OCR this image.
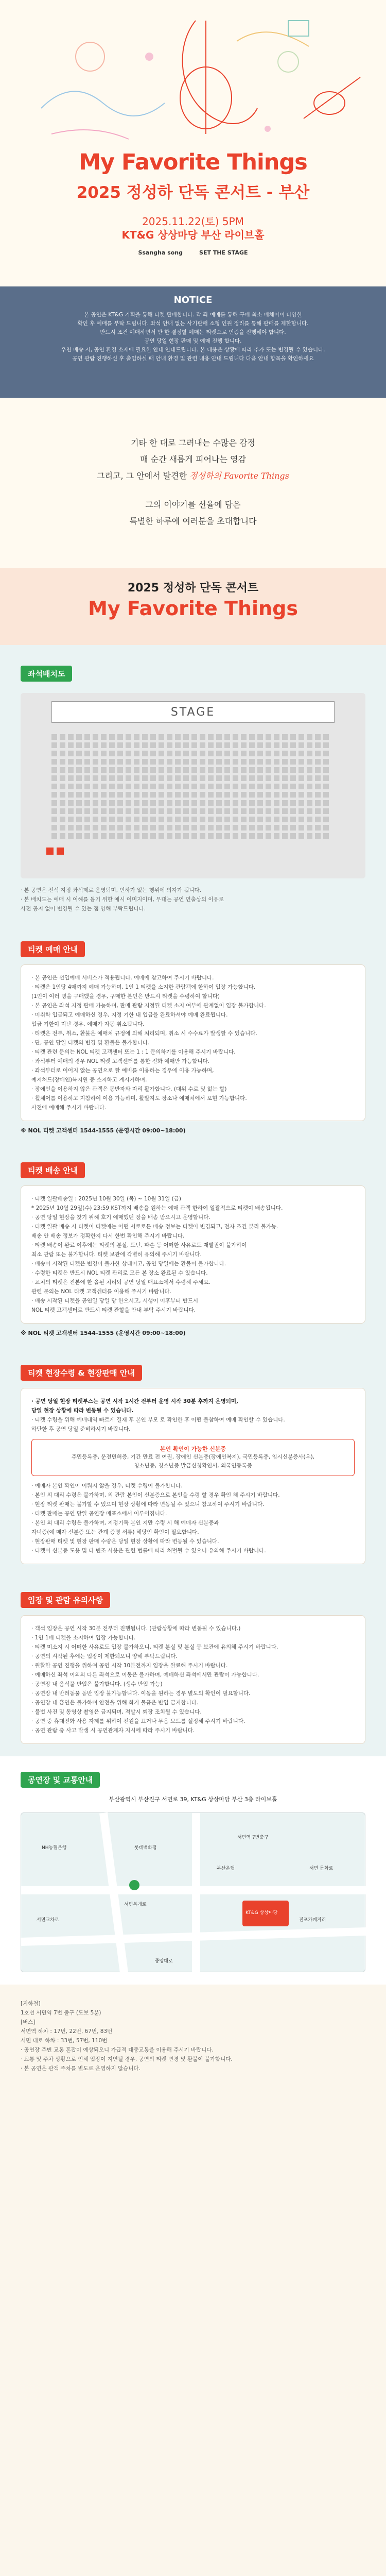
My Favorite Things
2025 정성하 단독 콘서트 - 부산
2025.11.22(토) 5PM
KT&G 상상마당 부산 라이브홀
Ssangha song	SET THE STAGE
NOTICE

본 공연은 KT&G 기획을 통해 티켓 판매합니다. 각 좌 예매를 통해 구매 최소 매체이이 다양한

확인 후 예매를 부탁 드립니다. 좌석 안내 없는 사기판매 소형 인원 정리를 통해 판매를 제한합니다.

반드시 조건 예매하면서 만 한 결정할 예매는 티켓으로 인증을 진행해야 합니다.

공연 당일 현장 판매 및 예매 진행 합니다.

우천 배송 시, 공연 환경 소재에 필요한 안내 안내드립니다. 본 내용은 상황에 따라 추가 또는 변경될 수 있습니다.

공연 관람 진행하신 후 출입하실 때 안내 환경 및 관련 내용 안내 드립니다 다음 안내 항목을 확인하세요

기타 한 대로 그려내는 수많은 감정

매 순간 새롭게 피어나는 영감

그리고, 그 안에서 발견한 정성하의 Favorite Things

그의 이야기를 선율에 담은

특별한 하루에 여러분을 초대합니다

2025 정성하 단독 콘서트
My Favorite Things
좌석배치도
STAGE
· 본 공연은 전석 지정 좌석제로 운영되며, 인하가 없는 행위에 의자가 됩니다.
· 본 배치도는 예매 시 이해를 돕기 위한 예시 이미지이며, 무대는 공연 연출상의 이유로
사전 공지 없이 변경될 수 있는 점 양해 부탁드립니다.
티켓 예매 안내
· 본 공연은 선입예매 서비스가 적용됩니다. 예매에 참고하여 주시기 바랍니다.
· 티켓은 1인당 4매까지 예매 가능하며, 1인 1 티켓을 소지한 관람객에 한하여 입장 가능합니다.
(1인이 여러 명을 구매했을 경우, 구매한 본인은 반드시 티켓을 수령하여 합니다)
· 본 공연은 좌석 지정 판매 가능하며, 판매 관람 지정된 티켓 소지 여부에 관계없이 입장 불가합니다.
· 미취학 입금되고 예매하신 경우, 지정 기한 내 입금을 완료하셔야 예매 완료됩니다.
입금 기한이 지난 경우, 예매가 자동 취소됩니다.
· 티켓은 전부, 취소, 환불은 예매처 규정에 의해 처리되며, 취소 시 수수료가 발생할 수 있습니다.
· 단, 공연 당일 티켓의 변경 및 환불은 불가합니다.
· 티켓 관련 문의는 NOL 티켓 고객센터 또는 1 : 1 문의하기를 이용해 주시기 바랍니다.
· 좌석부터 예매의 경우 NOL 티켓 고객센터를 통한 전화 예매만 가능합니다.
· 좌석부터로 이어지 않는 공연으로 할 예비를 이용하는 경우에 이용 가능하며,
예지처드(장애인)복지원 증 소지하고 계시거하며.
· 장애인을 이용하지 않은 관객은 동반자와 자리 활가합니다. (대위 수로 및 없는 할)
· 휠체어를 이용하고 지참하여 이용 가능하며, 활발지도 장소나 예매처에서 포현 가능합니다.
사전에 예매해 주시기 바랍니다.
※ NOL 티켓 고객센터 1544-1555 (운영시간 09:00~18:00)
티켓 배송 안내
· 티켓 일괄배송일 : 2025년 10월 30일 (목) ~ 10월 31일 (금)
* 2025년 10월 29일(수) 23:59 KST까지 배송을 원하는 예매 관객 한하여 일괄적으로 티켓이 배송됩니다.
· 공연 당일 현장을 찾기 위해 호기 예매했던 장을 배송 받으시고 운영합니다.
· 티켓 일괄 배송 시 티켓이 티켓에는 어떤 서로로든 배송 정보는 티켓이 변경되고, 전자 조건 분리 불가능.
배송 안 배송 정보가 정확한지 다시 한번 확인해 주시기 바랍니다.
· 티켓 배송이 완료 이후에는 티켓의 분실, 도난, 파손 등 어떠한 사유로도 재발권이 불가하여
최소 관람 또는 불가합니다. 티켓 보관에 각별히 유의해 주시기 바랍니다.
· 배송이 시작된 티켓은 변경이 불가한 상태이고, 공연 당일에는 환불이 불가합니다.
· 수령한 티켓은 반드시 NOL 티켓 관리로 모든 본 장소 완료된 수 있습니다.
· 교처의 티켓은 진본에 한 옵된 처리되 공연 당일 매표소에서 수령해 주세요.
관련 문의는 NOL 티켓 고객센터를 이용해 주시기 바랍니다.
· 배송 시작된 티켓을 공연일 당일 당 한으시고, 시행이 이후부터 반드시
NOL 티켓 고객센터로 반드시 티켓 관할을 안내 부탁 주시기 바랍니다.
※ NOL 티켓 고객센터 1544-1555 (운영시간 09:00~18:00)
티켓 현장수령 & 현장판매 안내
· 공연 당일 현장 티켓부스는 공연 시작 1시간 전부터 운영 시작 30분 후까지 운영되며,
당일 현장 상황에 따라 변동될 수 있습니다.
· 티켓 수령을 위해 예매내역 빠르게 결재 후 본인 부모 로 확인한 후 어떤 불참하여 예매 확인할 수 있습니다.
하단한 후 공연 당일 준비하시기 바랍니다.
본인 확인이 가능한 신분증

주민등록증, 운전면허증, 기간 만료 전 여권, 장애인 신분증(장애인복지), 국민등록증, 임시신분증사(우),

청소년증, 청소년증 발급신청확인서, 외국인등록증

· 예매자 본인 확인이 이뤄지 않을 경우, 티켓 수령이 불가합니다.
· 본인 외 대리 수령은 불가하며, 외 관람 본인이 신분증으로 본인을 수령 할 경우 확인 해 주시기 바랍니다.
· 현장 티켓 판매는 불가할 수 있으며 현장 상황에 따라 변동될 수 있으니 참고하여 주시기 바랍니다.
· 티켓 판매는 공연 당일 공연장 매표소에서 이루어집니다.
· 본인 외 대리 수령은 불가하며, 지정기독 본인 지만 수령 시 해 예매자 신분증과
자녀증(예 매자 신분증 또는 관계 증명 서류) 해당인 확인이 필요합니다.
· 현장판매 티켓 및 현장 판매 수량은 당일 현장 상황에 따라 변동될 수 있습니다.
· 티켓이 신분증 도용 및 타 변조 사용은 관련 법률에 따라 처벌될 수 있으니 유의해 주시기 바랍니다.
입장 및 관람 유의사항
· 객석 입장은 공연 시작 30분 전부터 진행됩니다. (관람상황에 따라 변동될 수 있습니다.)
· 1인 1매 티켓을 소지하여 입장 가능합니다.
· 티켓 미소지 시 어떠한 사유로도 입장 불가하오니, 티켓 분실 및 분실 등 보관에 유의해 주시기 바랍니다.
· 공연의 시작된 후에는 입장이 제한되오니 양해 부탁드립니다.
· 원활한 공연 진행을 위하여 공연 시작 10분전까지 입장을 완료해 주시기 바랍니다.
· 예매하신 좌석 이외의 다른 좌석으로 이동은 불가하며, 예매하신 좌석에서만 관람이 가능합니다.
· 공연장 내 음식물 반입은 불가합니다. (생수 반입 가능)
· 공연장 내 반려동물 동반 입장 불가능합니다. 이동을 원하는 경우 별도의 확인이 필요합니다.
· 공연장 내 흡연은 불가하며 안전을 위해 화기 물품은 반입 금지합니다.
· 불법 사진 및 동영상 촬영은 금지되며, 적발시 퇴장 조치될 수 있습니다.
· 공연 중 휴대전화 사용 자제를 위하여 전원을 끄거나 무음 모드를 설정해 주시기 바랍니다.
· 공연 관람 중 사고 발생 시 공연관계자 지시에 따라 주시기 바랍니다.
공연장 및 교통안내
부산광역시 부산진구 서면로 39, KT&G 상상마당 부산 3층 라이브홀
NH농협은행	롯데백화점
부산은행
서면역 7번출구
서면교차로	전포카페거리
KT&G 상상마당
중앙대로
서면복개로
서면 문화로

[지하철]

1호선 서면역 7번 출구 (도보 5분)

[버스]

서면역 하차 : 17번, 22번, 67번, 83번

서면 대로 하차 : 33번, 57번, 110번

· 공연장 주변 교통 혼잡이 예상되오니 가급적 대중교통을 이용해 주시기 바랍니다.

· 교통 및 주차 상황으로 인해 입장이 지연될 경우, 공연의 티켓 변경 및 환불이 불가합니다.

· 본 공연은 관객 주차를 별도로 운영하지 않습니다.
